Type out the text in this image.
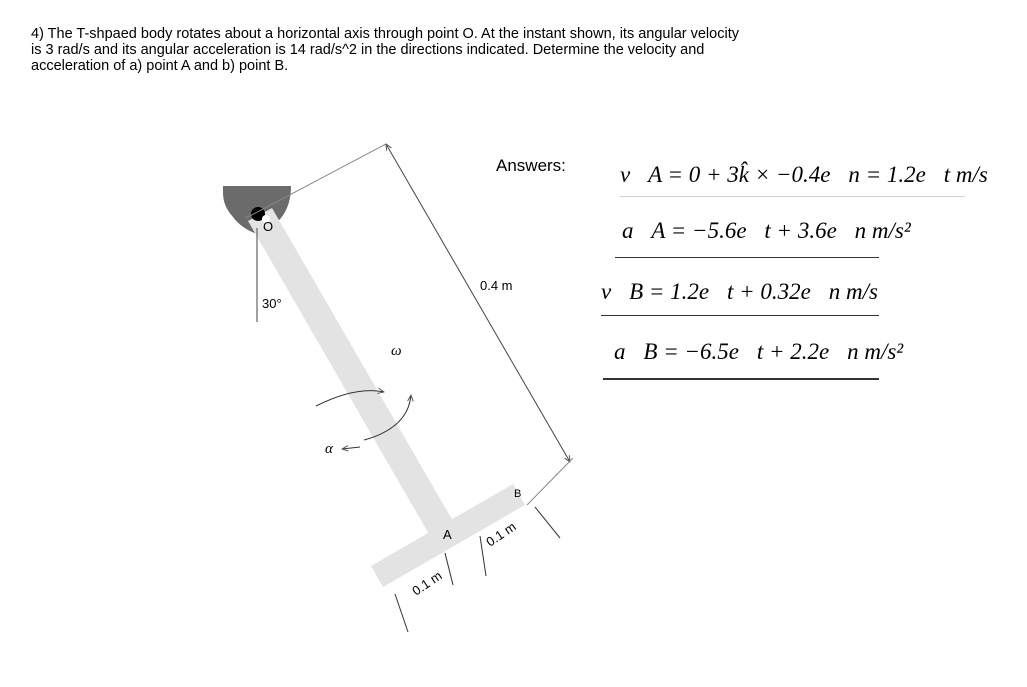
4) The T-shpaed body rotates about a horizontal axis through point O. At the instant shown, its angular velocity
is 3 rad/s and its angular acceleration is 14 rad/s^2 in the directions indicated. Determine the velocity and
acceleration of a) point A and b) point B.

O
A
B
30°
ω
α
0.4 m
0.1 m
0.1 m
Answers: v⃗A = 0 + 3k̂ × −0.4e⃗n = 1.2e⃗t m/s
a⃗A = −5.6e⃗t + 3.6e⃗n m/s²
v⃗B = 1.2e⃗t + 0.32e⃗n m/s
a⃗B = −6.5e⃗t + 2.2e⃗n m/s²
